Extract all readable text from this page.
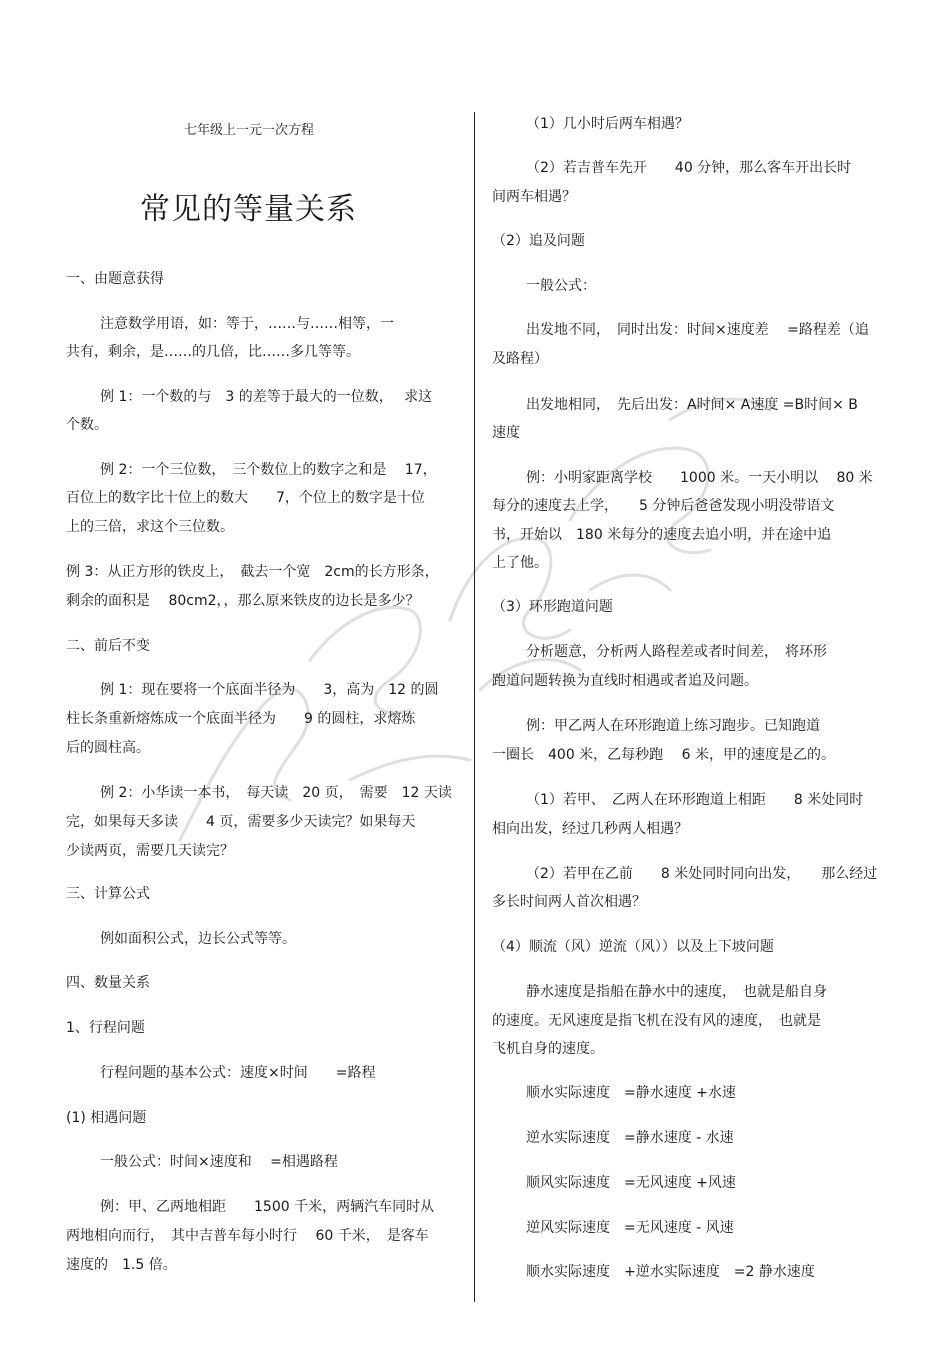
七年级上一元一次方程
常见的等量关系
一、由题意获得
注意数学用语，如：等于，……与……相等，一
共有，剩余，是……的几倍，比……多几等等。
例 1：一个数的与　3 的差等于最大的一位数，　 求这
个数。
例 2：一个三位数，　三个数位上的数字之和是　 17，
百位上的数字比十位上的数大　　7，个位上的数字是十位
上的三倍，求这个三位数。
例 3：从正方形的铁皮上，　截去一个宽　2cm的长方形条，
剩余的面积是　 80cm2，，那么原来铁皮的边长是多少？
二、前后不变
例 1：现在要将一个底面半径为　　3，高为　12 的圆
柱长条重新熔炼成一个底面半径为　　9 的圆柱，求熔炼
后的圆柱高。
例 2：小华读一本书，　每天读　20 页，　需要　12 天读
完，如果每天多读　　4 页，需要多少天读完？如果每天
少读两页，需要几天读完？
三、计算公式
例如面积公式，边长公式等等。
四、数量关系
1、行程问题
行程问题的基本公式：速度×时间　　=路程
(1) 相遇问题
一般公式：时间×速度和　 =相遇路程
例：甲、乙两地相距　　1500 千米，两辆汽车同时从
两地相向而行，　其中吉普车每小时行　 60 千米，　是客车
速度的　1.5 倍。
（1）几小时后两车相遇？
（2）若吉普车先开　　40 分钟，那么客车开出长时
间两车相遇？
（2）追及问题
一般公式：
出发地不同，　同时出发：时间×速度差　 =路程差（追
及路程）
出发地相同，　先后出发：A时间× A速度 =B时间× B
速度
例：小明家距离学校　　1000 米。一天小明以　 80 米
每分的速度去上学，　　5 分钟后爸爸发现小明没带语文
书，开始以　180 米每分的速度去追小明，并在途中追
上了他。
（3）环形跑道问题
分析题意，分析两人路程差或者时间差，　将环形
跑道问题转换为直线时相遇或者追及问题。
例：甲乙两人在环形跑道上练习跑步。已知跑道
一圈长　400 米，乙每秒跑　 6 米，甲的速度是乙的。
（1）若甲、　乙两人在环形跑道上相距　　8 米处同时
相向出发，经过几秒两人相遇？
（2）若甲在乙前　　8 米处同时同向出发，　　那么经过
多长时间两人首次相遇？
（4）顺流（风）逆流（风））以及上下坡问题
静水速度是指船在静水中的速度，　也就是船自身
的速度。无风速度是指飞机在没有风的速度，　也就是
飞机自身的速度。
顺水实际速度　=静水速度 +水速
逆水实际速度　=静水速度 - 水速
顺风实际速度　=无风速度 +风速
逆风实际速度　=无风速度 - 风速
顺水实际速度　+逆水实际速度　=2 静水速度
